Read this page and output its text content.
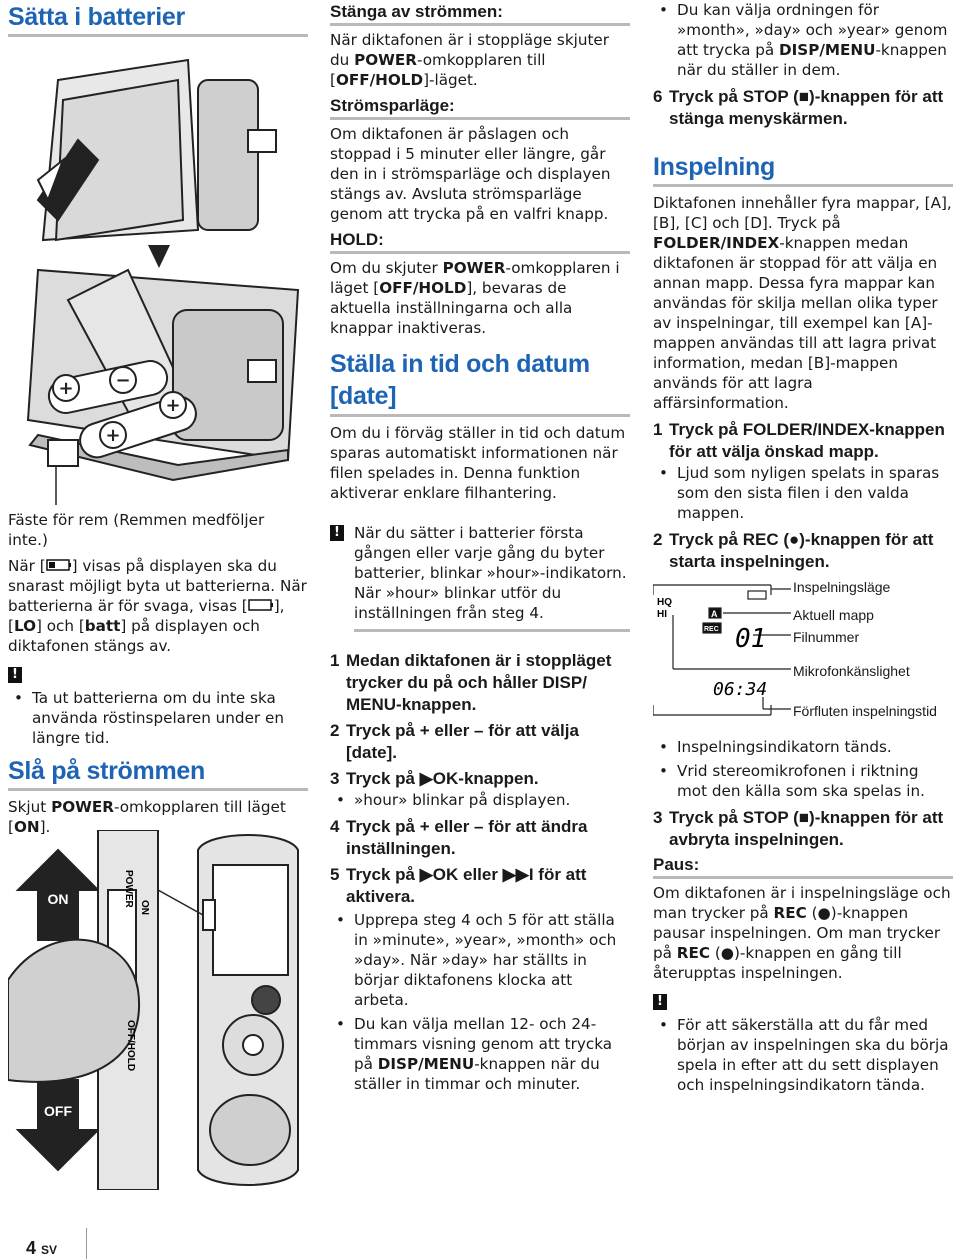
Sätta i batterier
+
+
+
−
Fäste för rem (Remmen medföljer inte.)
När [ ] visas på displayen ska du snarast möjligt byta ut batterierna. När batterierna är för svaga, visas [ ], [LO] och [batt] på displayen och diktafonen stängs av.
!
• Ta ut batterierna om du inte ska använda röstinspelaren under en längre tid.
Slå på strömmen
Skjut POWER-omkopplaren till läget [ON].
ON
OFF
POWER ON
OFF/HOLD
Stänga av strömmen:
När diktafonen är i stoppläge skjuter du POWER-omkopplaren till [OFF/HOLD]-läget.
Strömsparläge:
Om diktafonen är påslagen och stoppad i 5 minuter eller längre, går den in i strömsparläge och displayen stängs av. Avsluta strömsparläge genom att trycka på en valfri knapp.
HOLD:
Om du skjuter POWER-omkopplaren i läget [OFF/HOLD], bevaras de aktuella inställningarna och alla knappar inaktiveras.
Ställa in tid och datum
[date]
Om du i förväg ställer in tid och datum sparas automatiskt informationen när filen spelades in. Denna funktion aktiverar enklare filhantering.
! När du sätter i batterier första gången eller varje gång du byter batterier, blinkar »hour»-indikatorn. När »hour» blinkar utför du inställningen från steg 4.
1 Medan diktafonen är i stoppläget trycker du på och håller DISP/ MENU-knappen.
2 Tryck på + eller – för att välja [date].
3 Tryck på ▶OK-knappen.
• »hour» blinkar på displayen.
4 Tryck på + eller – för att ändra inställningen.
5 Tryck på ▶OK eller ▶▶I för att aktivera.
• Upprepa steg 4 och 5 för att ställa in »minute», »year», »month» och »day». När »day» har ställts in börjar diktafonens klocka att arbeta.
• Du kan välja mellan 12- och 24-timmars visning genom att trycka på DISP/MENU-knappen när du ställer in timmar och minuter.
• Du kan välja ordningen för »month», »day» och »year» genom att trycka på DISP/MENU-knappen när du ställer in dem.
6 Tryck på STOP (■)-knappen för att stänga menyskärmen.
Inspelning
Diktafonen innehåller fyra mappar, [A], [B], [C] och [D]. Tryck på FOLDER/INDEX-knappen medan diktafonen är stoppad för att välja en annan mapp. Dessa fyra mappar kan användas för skilja mellan olika typer av inspelningar, till exempel kan [A]-mappen användas till att lagra privat information, medan [B]-mappen används för att lagra affärsinformation.
1 Tryck på FOLDER/INDEX-knappen för att välja önskad mapp.
• Ljud som nyligen spelats in sparas som den sista filen i den valda mappen.
2 Tryck på REC (●)-knappen för att starta inspelningen.
HQ
HI	A
REC 01
06:34
Inspelningsläge
Aktuell mapp
Filnummer
Mikrofonkänslighet
Förfluten inspelningstid
• Inspelningsindikatorn tänds.
• Vrid stereomikrofonen i riktning mot den källa som ska spelas in.
3 Tryck på STOP (■)-knappen för att avbryta inspelningen.
Paus:
Om diktafonen är i inspelningsläge och man trycker på REC (●)-knappen pausar inspelningen. Om man trycker på REC (●)-knappen en gång till återupptas inspelningen.
!
• För att säkerställa att du får med början av inspelningen ska du börja spela in efter att du sett displayen och inspelningsindikatorn tända.
4 SV
